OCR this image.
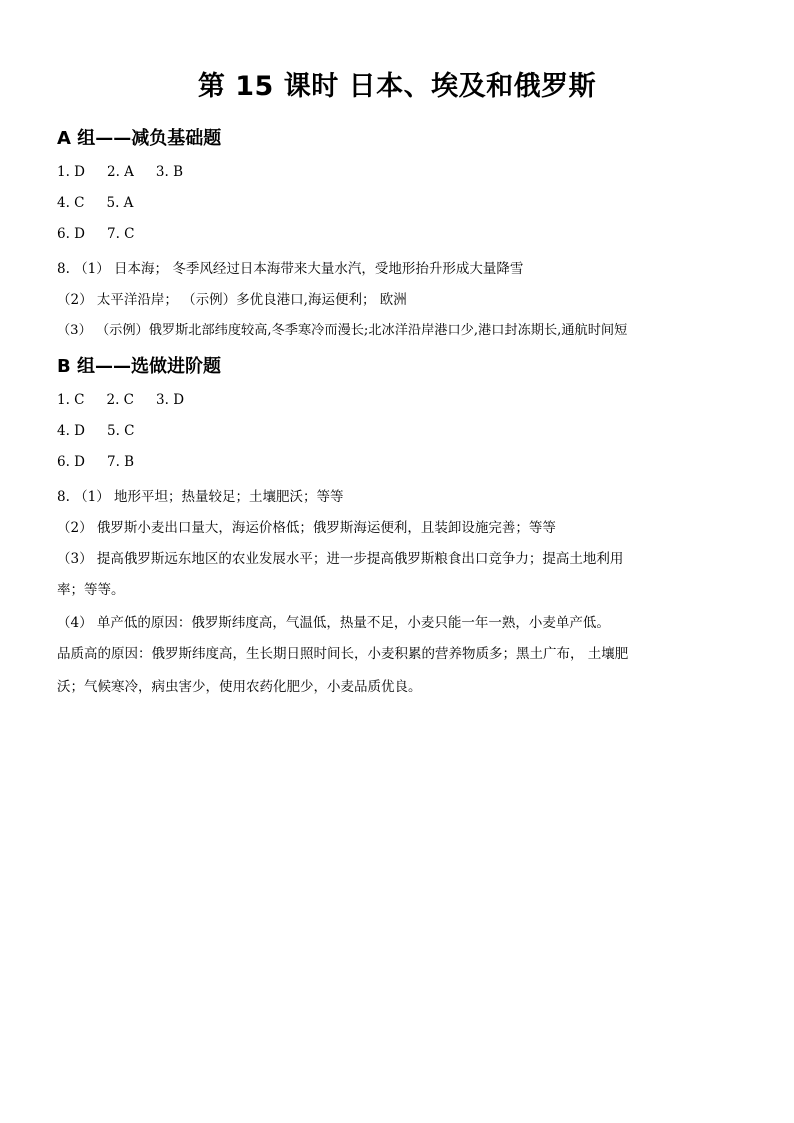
第 15 课时 日本、埃及和俄罗斯
A 组——减负基础题
1. D 2. A 3. B
4. C 5. A
6. D 7. C
8. （1） 日本海； 冬季风经过日本海带来大量水汽，受地形抬升形成大量降雪
（2） 太平洋沿岸； （示例）多优良港口,海运便利； 欧洲
（3） （示例）俄罗斯北部纬度较高,冬季寒冷而漫长;北冰洋沿岸港口少,港口封冻期长,通航时间短
B 组——选做进阶题
1. C 2. C 3. D
4. D 5. C
6. D 7. B
8. （1） 地形平坦；热量较足；土壤肥沃；等等
（2） 俄罗斯小麦出口量大，海运价格低；俄罗斯海运便利，且装卸设施完善；等等
（3） 提高俄罗斯远东地区的农业发展水平；进一步提高俄罗斯粮食出口竞争力；提高土地利用
率；等等。
（4） 单产低的原因：俄罗斯纬度高，气温低，热量不足，小麦只能一年一熟，小麦单产低。
品质高的原因：俄罗斯纬度高，生长期日照时间长，小麦积累的营养物质多；黑土广布， 土壤肥
沃；气候寒冷，病虫害少，使用农药化肥少，小麦品质优良。
